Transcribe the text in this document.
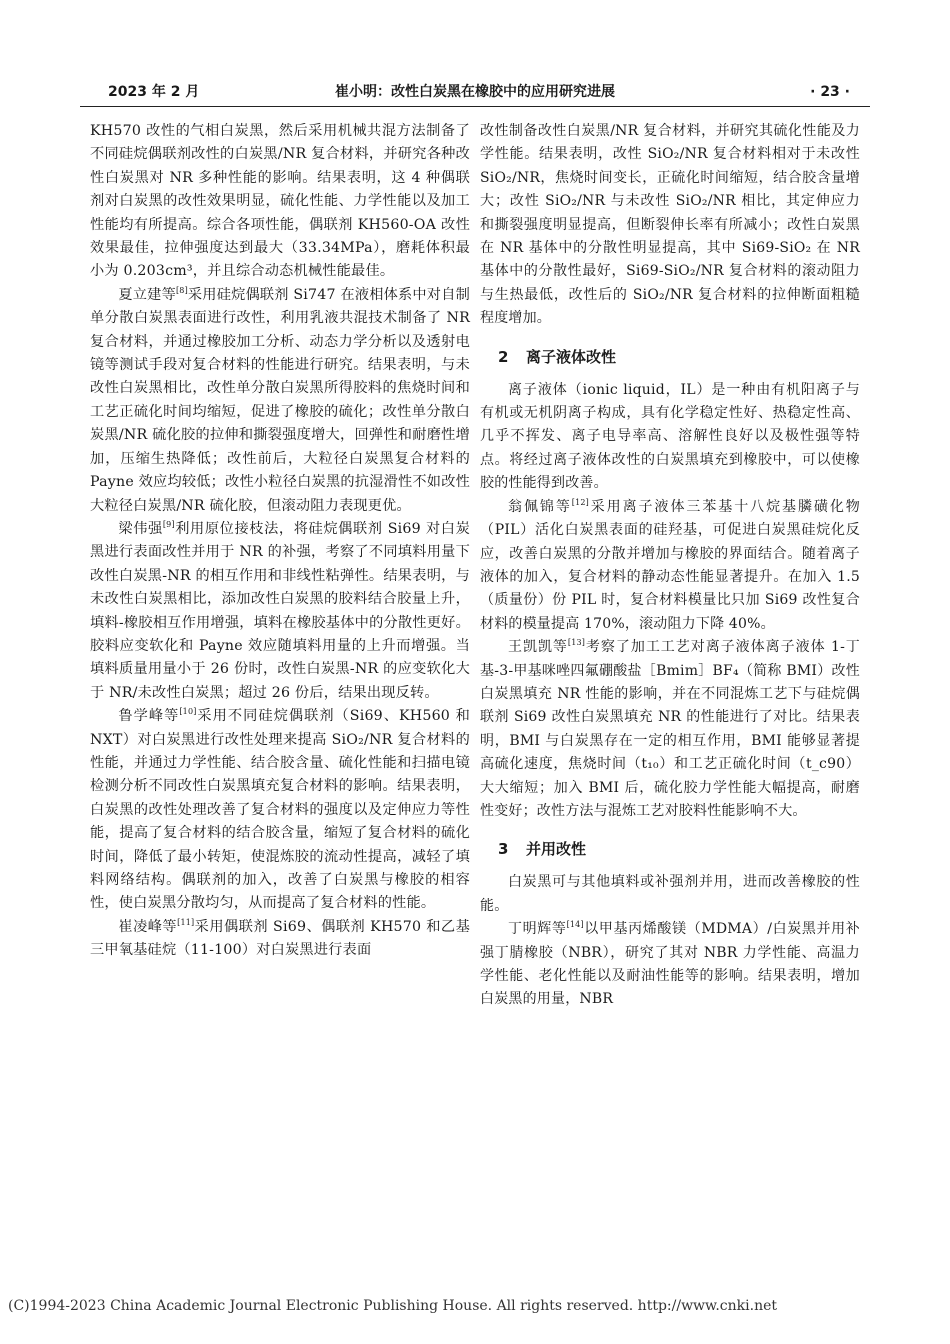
2023 年 2 月	崔小明：改性白炭黑在橡胶中的应用研究进展	· 23 ·

KH570 改性的气相白炭黑，然后采用机械共混方法制备了不同硅烷偶联剂改性的白炭黑/NR 复合材料，并研究各种改性白炭黑对 NR 多种性能的影响。结果表明，这 4 种偶联剂对白炭黑的改性效果明显，硫化性能、力学性能以及加工性能均有所提高。综合各项性能，偶联剂 KH560-OA 改性效果最佳，拉伸强度达到最大（33.34MPa），磨耗体积最小为 0.203cm³，并且综合动态机械性能最佳。

夏立建等[8]采用硅烷偶联剂 Si747 在液相体系中对自制单分散白炭黑表面进行改性，利用乳液共混技术制备了 NR 复合材料，并通过橡胶加工分析、动态力学分析以及透射电镜等测试手段对复合材料的性能进行研究。结果表明，与未改性白炭黑相比，改性单分散白炭黑所得胶料的焦烧时间和工艺正硫化时间均缩短，促进了橡胶的硫化；改性单分散白炭黑/NR 硫化胶的拉伸和撕裂强度增大，回弹性和耐磨性增加，压缩生热降低；改性前后，大粒径白炭黑复合材料的 Payne 效应均较低；改性小粒径白炭黑的抗湿滑性不如改性大粒径白炭黑/NR 硫化胶，但滚动阻力表现更优。

梁伟强[9]利用原位接枝法，将硅烷偶联剂 Si69 对白炭黑进行表面改性并用于 NR 的补强，考察了不同填料用量下改性白炭黑-NR 的相互作用和非线性粘弹性。结果表明，与未改性白炭黑相比，添加改性白炭黑的胶料结合胶量上升，填料-橡胶相互作用增强，填料在橡胶基体中的分散性更好。胶料应变软化和 Payne 效应随填料用量的上升而增强。当填料质量用量小于 26 份时，改性白炭黑-NR 的应变软化大于 NR/未改性白炭黑；超过 26 份后，结果出现反转。

鲁学峰等[10]采用不同硅烷偶联剂（Si69、KH560 和 NXT）对白炭黑进行改性处理来提高 SiO₂/NR 复合材料的性能，并通过力学性能、结合胶含量、硫化性能和扫描电镜检测分析不同改性白炭黑填充复合材料的影响。结果表明，白炭黑的改性处理改善了复合材料的强度以及定伸应力等性能，提高了复合材料的结合胶含量，缩短了复合材料的硫化时间，降低了最小转矩，使混炼胶的流动性提高，减轻了填料网络结构。偶联剂的加入，改善了白炭黑与橡胶的相容性，使白炭黑分散均匀，从而提高了复合材料的性能。

崔凌峰等[11]采用偶联剂 Si69、偶联剂 KH570 和乙基三甲氧基硅烷（11-100）对白炭黑进行表面

改性制备改性白炭黑/NR 复合材料，并研究其硫化性能及力学性能。结果表明，改性 SiO₂/NR 复合材料相对于未改性 SiO₂/NR，焦烧时间变长，正硫化时间缩短，结合胶含量增大；改性 SiO₂/NR 与未改性 SiO₂/NR 相比，其定伸应力和撕裂强度明显提高，但断裂伸长率有所减小；改性白炭黑在 NR 基体中的分散性明显提高，其中 Si69-SiO₂ 在 NR 基体中的分散性最好，Si69-SiO₂/NR 复合材料的滚动阻力与生热最低，改性后的 SiO₂/NR 复合材料的拉伸断面粗糙程度增加。

2 离子液体改性

离子液体（ionic liquid，IL）是一种由有机阳离子与有机或无机阴离子构成，具有化学稳定性好、热稳定性高、几乎不挥发、离子电导率高、溶解性良好以及极性强等特点。将经过离子液体改性的白炭黑填充到橡胶中，可以使橡胶的性能得到改善。

翁佩锦等[12]采用离子液体三苯基十八烷基膦磺化物（PIL）活化白炭黑表面的硅羟基，可促进白炭黑硅烷化反应，改善白炭黑的分散并增加与橡胶的界面结合。随着离子液体的加入，复合材料的静动态性能显著提升。在加入 1.5（质量份）份 PIL 时，复合材料模量比只加 Si69 改性复合材料的模量提高 170%，滚动阻力下降 40%。

王凯凯等[13]考察了加工工艺对离子液体离子液体 1-丁基-3-甲基咪唑四氟硼酸盐［Bmim］BF₄（简称 BMI）改性白炭黑填充 NR 性能的影响，并在不同混炼工艺下与硅烷偶联剂 Si69 改性白炭黑填充 NR 的性能进行了对比。结果表明，BMI 与白炭黑存在一定的相互作用，BMI 能够显著提高硫化速度，焦烧时间（t₁₀）和工艺正硫化时间（t_c90）大大缩短；加入 BMI 后，硫化胶力学性能大幅提高，耐磨性变好；改性方法与混炼工艺对胶料性能影响不大。

3 并用改性

白炭黑可与其他填料或补强剂并用，进而改善橡胶的性能。

丁明辉等[14]以甲基丙烯酸镁（MDMA）/白炭黑并用补强丁腈橡胶（NBR），研究了其对 NBR 力学性能、高温力学性能、老化性能以及耐油性能等的影响。结果表明，增加白炭黑的用量，NBR

(C)1994-2023 China Academic Journal Electronic Publishing House. All rights reserved. http://www.cnki.net
